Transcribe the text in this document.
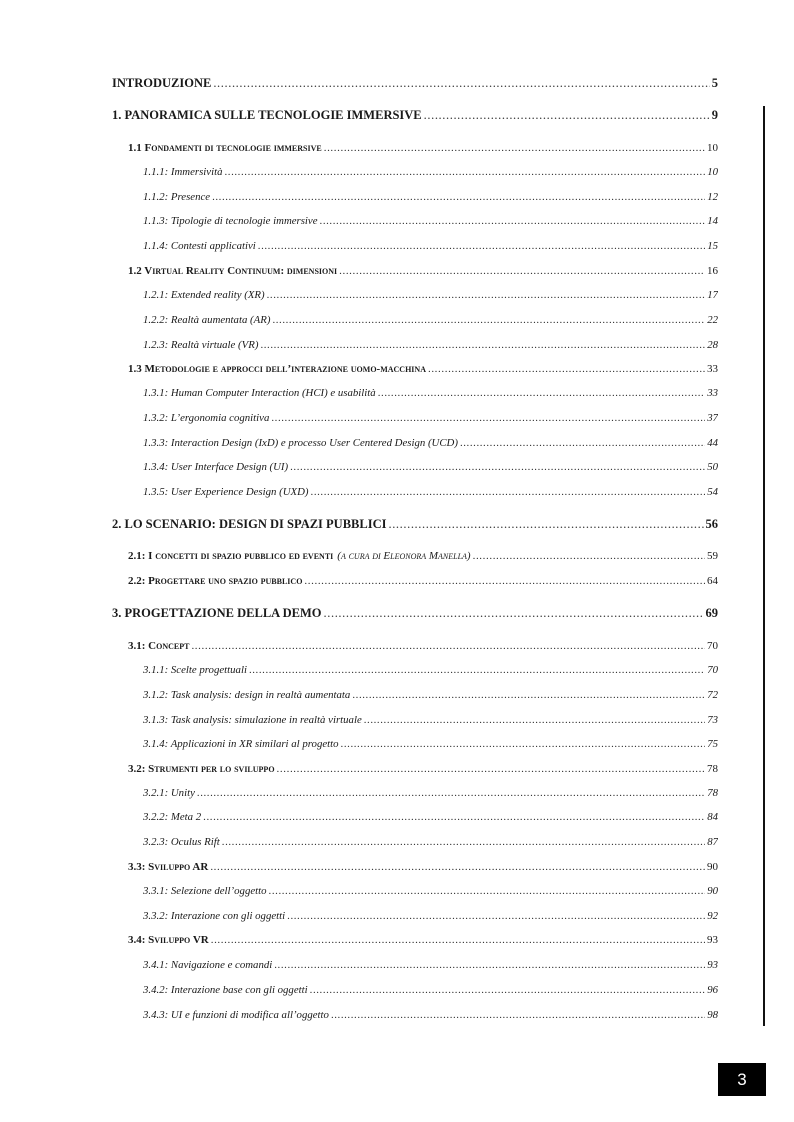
INTRODUZIONE .....	5
1. PANORAMICA SULLE TECNOLOGIE IMMERSIVE .....	9
1.1 Fondamenti di tecnologie immersive .....	10
1.1.1: Immersività .....	10
1.1.2: Presence .....	12
1.1.3: Tipologie di tecnologie immersive .....	14
1.1.4: Contesti applicativi .....	15
1.2 Virtual Reality Continuum: dimensioni .....	16
1.2.1: Extended reality (XR) .....	17
1.2.2: Realtà aumentata (AR) .....	22
1.2.3: Realtà virtuale (VR) .....	28
1.3 Metodologie e approcci dell’interazione uomo-macchina .....	33
1.3.1: Human Computer Interaction (HCI) e usabilità .....	33
1.3.2: L’ergonomia cognitiva .....	37
1.3.3: Interaction Design (IxD) e processo User Centered Design (UCD) .....	44
1.3.4: User Interface Design (UI) .....	50
1.3.5: User Experience Design (UXD) .....	54
2. LO SCENARIO: DESIGN DI SPAZI PUBBLICI .....	56
2.1: I concetti di spazio pubblico ed eventi (a cura di Eleonora Manella) .....	59
2.2: Progettare uno spazio pubblico .....	64
3. PROGETTAZIONE DELLA DEMO .....	69
3.1: Concept .....	70
3.1.1: Scelte progettuali .....	70
3.1.2: Task analysis: design in realtà aumentata .....	72
3.1.3: Task analysis: simulazione in realtà virtuale .....	73
3.1.4: Applicazioni in XR similari al progetto .....	75
3.2: Strumenti per lo sviluppo .....	78
3.2.1: Unity .....	78
3.2.2: Meta 2 .....	84
3.2.3: Oculus Rift .....	87
3.3: Sviluppo AR .....	90
3.3.1: Selezione dell’oggetto .....	90
3.3.2: Interazione con gli oggetti .....	92
3.4: Sviluppo VR .....	93
3.4.1: Navigazione e comandi .....	93
3.4.2: Interazione base con gli oggetti .....	96
3.4.3: UI e funzioni di modifica all’oggetto .....	98
3
